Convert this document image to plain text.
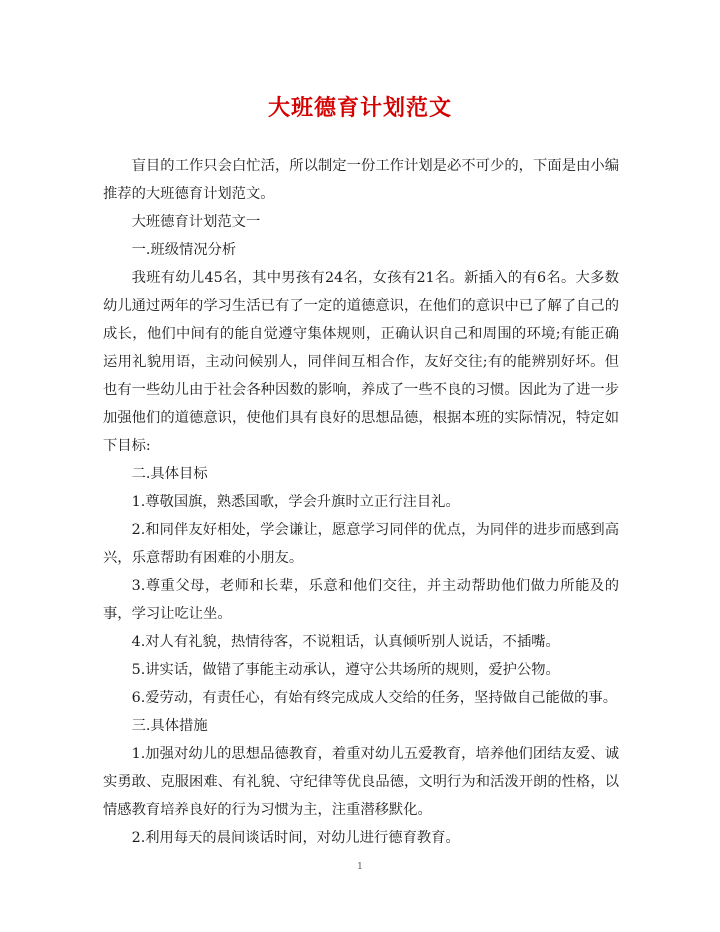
大班德育计划范文

盲目的工作只会白忙活，所以制定一份工作计划是必不可少的，下面是由小编推荐的大班德育计划范文。

大班德育计划范文一

一.班级情况分析

我班有幼儿45名，其中男孩有24名，女孩有21名。新插入的有6名。大多数幼儿通过两年的学习生活已有了一定的道德意识，在他们的意识中已了解了自己的成长，他们中间有的能自觉遵守集体规则，正确认识自己和周围的环境;有能正确运用礼貌用语，主动问候别人，同伴间互相合作，友好交往;有的能辨别好坏。但也有一些幼儿由于社会各种因数的影响，养成了一些不良的习惯。因此为了进一步加强他们的道德意识，使他们具有良好的思想品德，根据本班的实际情况，特定如下目标:

二.具体目标

1.尊敬国旗，熟悉国歌，学会升旗时立正行注目礼。

2.和同伴友好相处，学会谦让，愿意学习同伴的优点，为同伴的进步而感到高兴，乐意帮助有困难的小朋友。

3.尊重父母，老师和长辈，乐意和他们交往，并主动帮助他们做力所能及的事，学习让吃让坐。

4.对人有礼貌，热情待客，不说粗话，认真倾听别人说话，不插嘴。

5.讲实话，做错了事能主动承认，遵守公共场所的规则，爱护公物。

6.爱劳动，有责任心，有始有终完成成人交给的任务，坚持做自己能做的事。

三.具体措施

1.加强对幼儿的思想品德教育，着重对幼儿五爱教育，培养他们团结友爱、诚实勇敢、克服困难、有礼貌、守纪律等优良品德，文明行为和活泼开朗的性格，以情感教育培养良好的行为习惯为主，注重潜移默化。

2.利用每天的晨间谈话时间，对幼儿进行德育教育。

1
